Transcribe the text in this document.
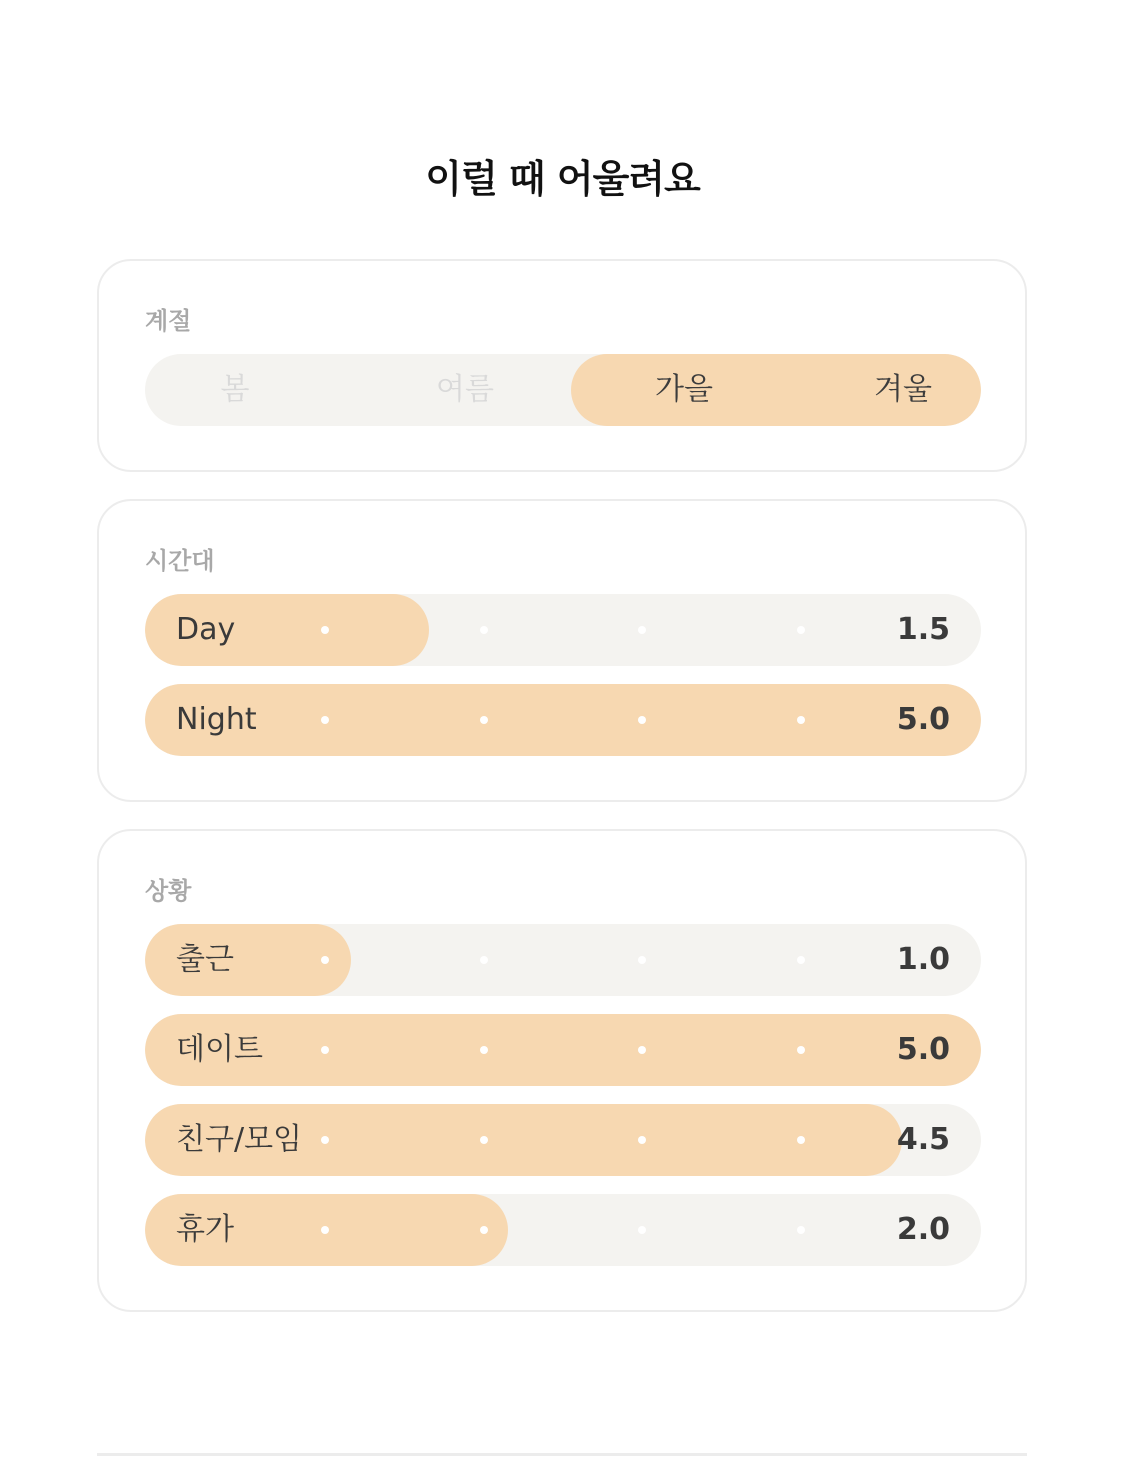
이럴 때 어울려요
계절
봄	여름	가을	겨울
시간대
Day	1.5
Night	5.0
상황
출근	1.0
데이트	5.0
친구/모임	4.5
휴가	2.0
